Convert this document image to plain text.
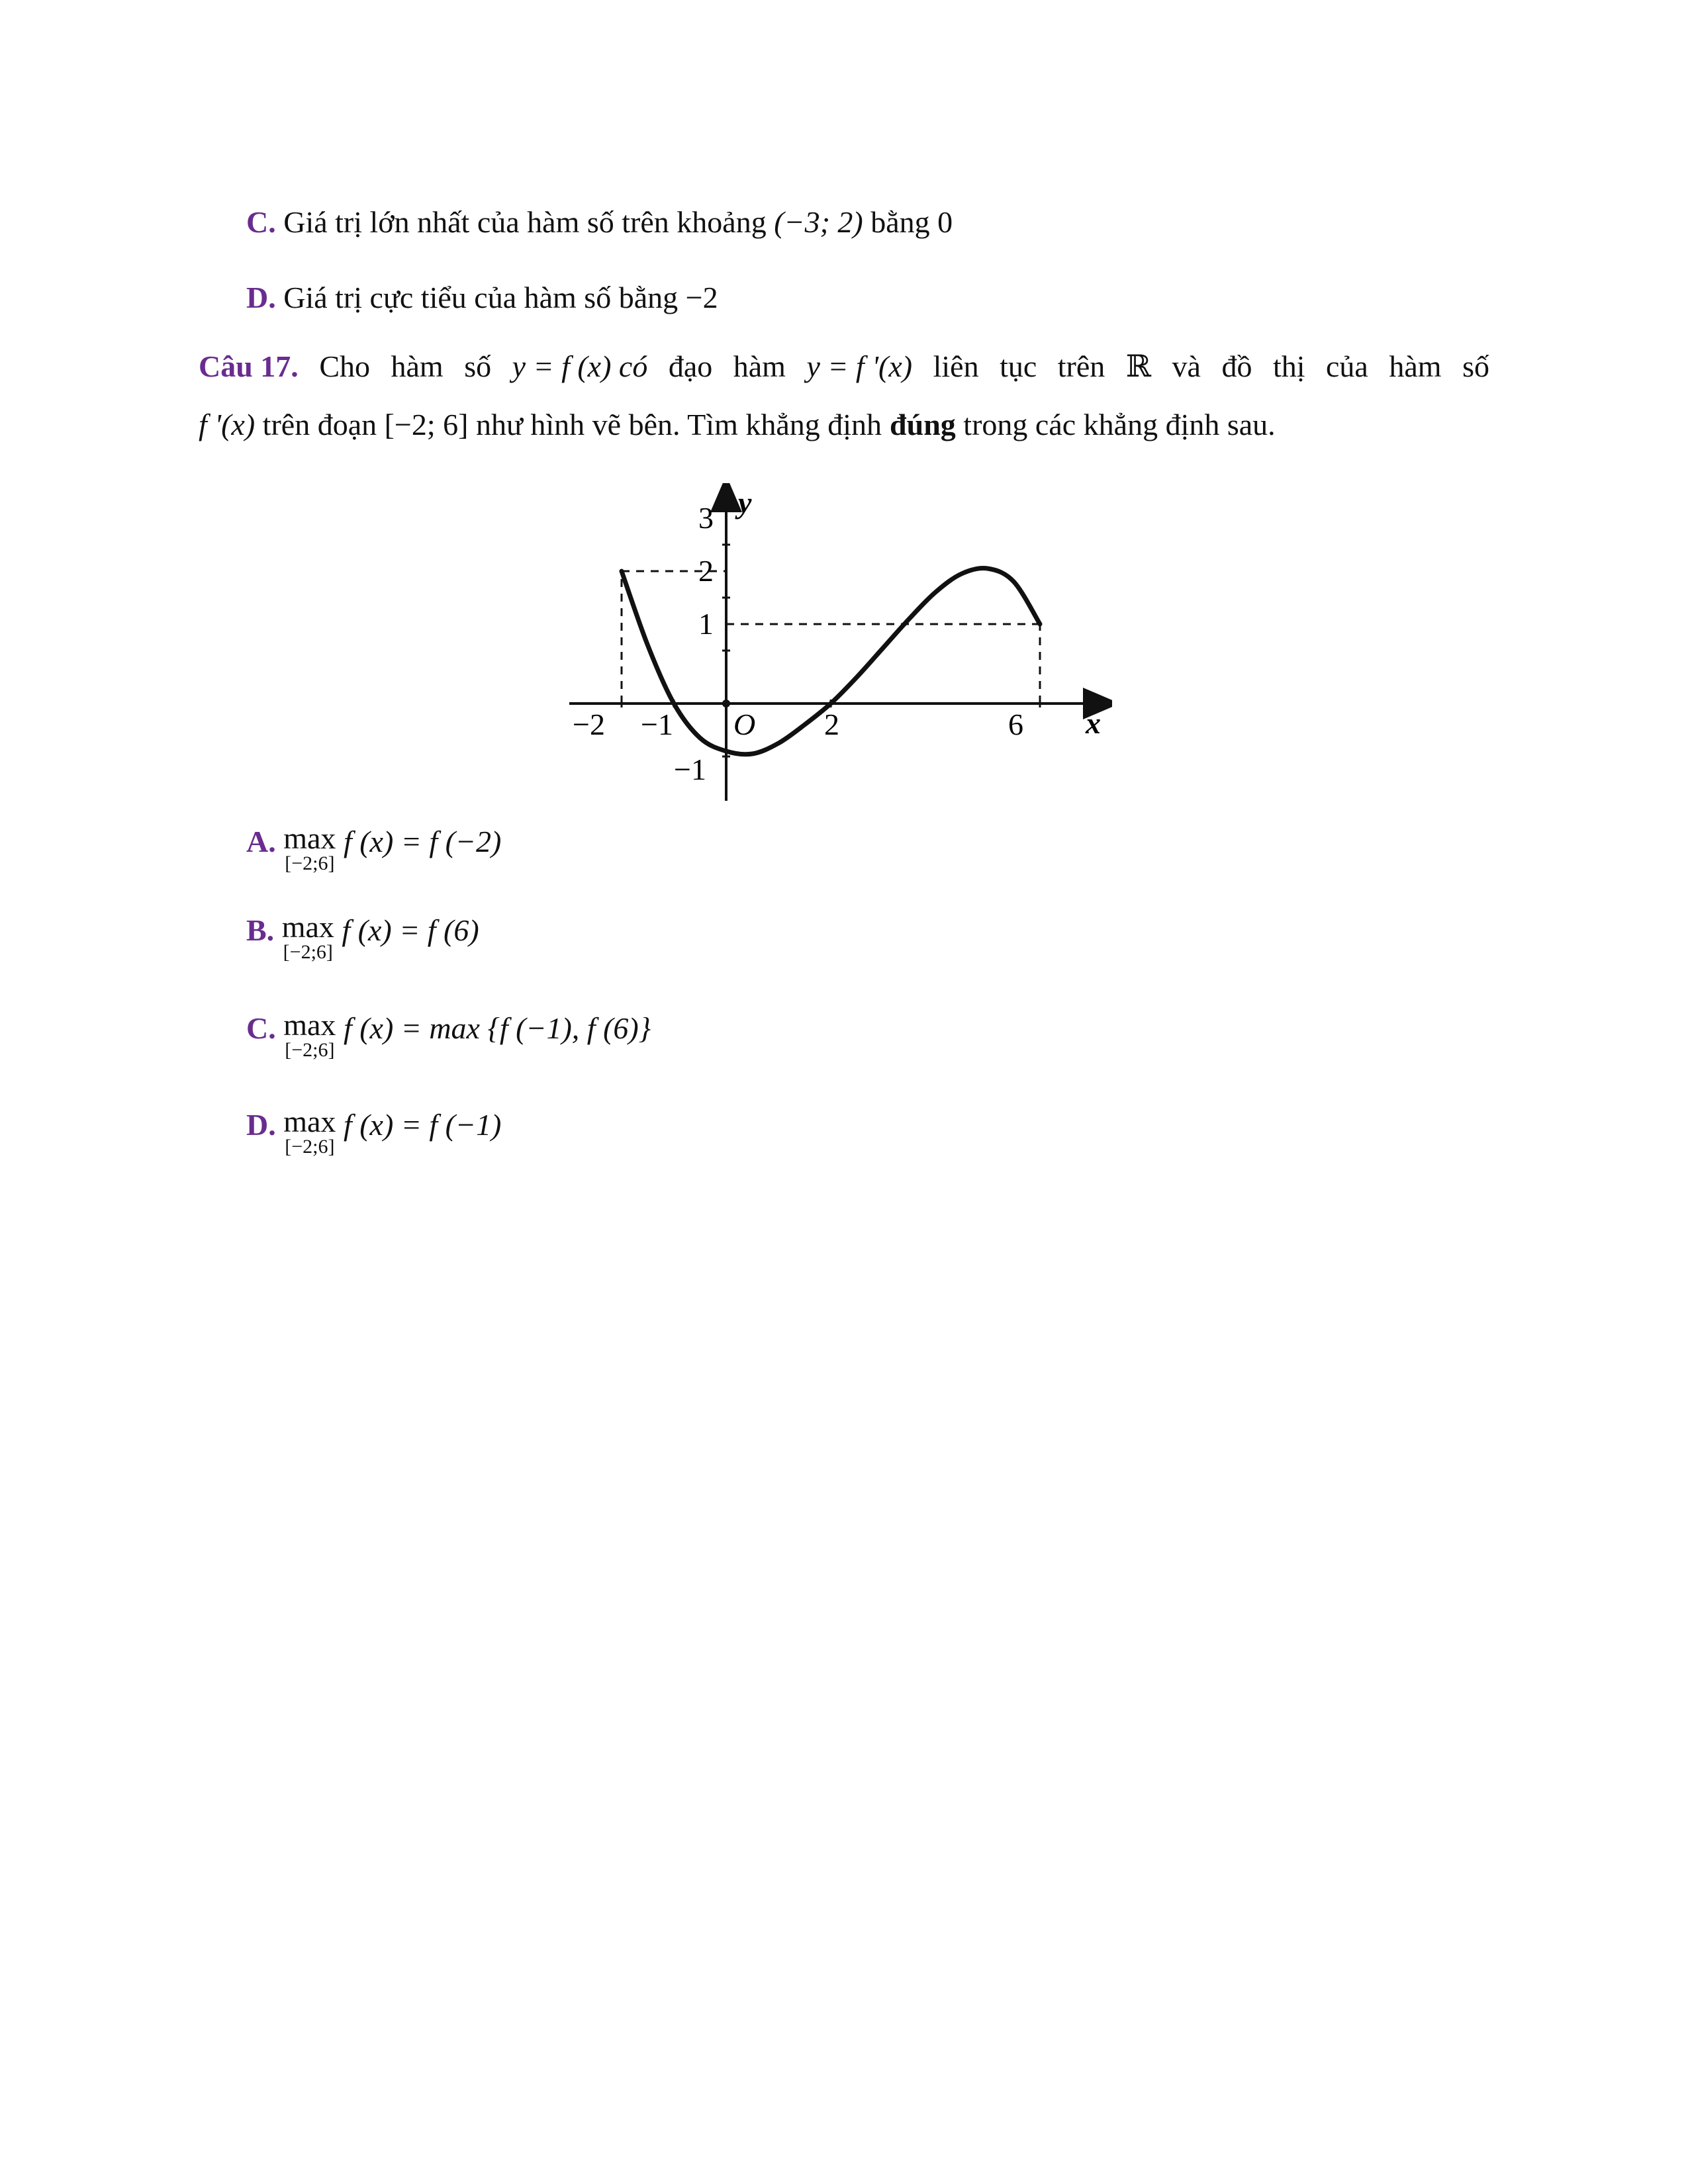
C. Giá trị lớn nhất của hàm số trên khoảng (−3; 2) bằng 0
D. Giá trị cực tiểu của hàm số bằng −2
Câu 17. Cho hàm số y = f (x) có đạo hàm y = f '(x) liên tục trên ℝ và đồ thị của hàm số
f '(x) trên đoạn [−2; 6] như hình vẽ bên. Tìm khẳng định đúng trong các khẳng định sau.
y
x
O
−2 −1	2	6
3
2
1
−1
A. max
[−2;6]
f (x) = f (−2)
B. max
[−2;6]
f (x) = f (6)
C. max
[−2;6]
f (x) = max {f (−1), f (6)}
D. max
[−2;6]
f (x) = f (−1)
